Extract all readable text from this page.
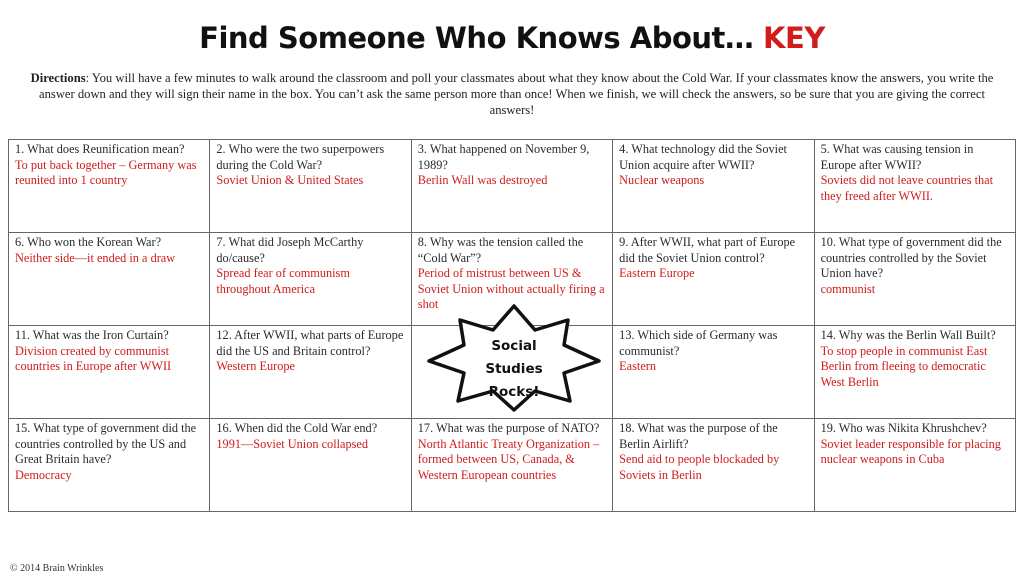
Find Someone Who Knows About… KEY
Directions: You will have a few minutes to walk around the classroom and poll your classmates about what they know about the Cold War. If your classmates know the answers, you write the answer down and they will sign their name in the box. You can’t ask the same person more than once! When we finish, we will check the answers, so be sure that you are giving the correct answers!
1. What does Reunification mean?
To put back together – Germany was reunited into 1 country	2. Who were the two superpowers during the Cold War?
Soviet Union & United States	3. What happened on November 9, 1989?
Berlin Wall was destroyed	4. What technology did the Soviet Union acquire after WWII?
Nuclear weapons	5. What was causing tension in Europe after WWII?
Soviets did not leave countries that they freed after WWII.

6. Who won the Korean War?
Neither side—it ended in a draw	7. What did Joseph McCarthy do/cause?
Spread fear of communism throughout America	8. Why was the tension called the “Cold War”?
Period of mistrust between US & Soviet Union without actually firing a shot	9. After WWII, what part of Europe did the Soviet Union control?
Eastern Europe	10. What type of government did the countries controlled by the Soviet Union have?
communist

11. What was the Iron Curtain?
Division created by communist countries in Europe after WWII	12. After WWII, what parts of Europe did the US and Britain control?
Western Europe		13. Which side of Germany was communist?
Eastern	14. Why was the Berlin Wall Built?
To stop people in communist East Berlin from fleeing to democratic West Berlin

15. What type of government did the countries controlled by the US and Great Britain have?
Democracy	16. When did the Cold War end?
1991—Soviet Union collapsed	17. What was the purpose of NATO?
North Atlantic Treaty Organization – formed between US, Canada, & Western European countries	18. What was the purpose of the Berlin Airlift?
Send aid to people blockaded by Soviets in Berlin	19. Who was Nikita Khrushchev?
Soviet leader responsible for placing nuclear weapons in Cuba
Social
Studies
Rocks!
© 2014 Brain Wrinkles
